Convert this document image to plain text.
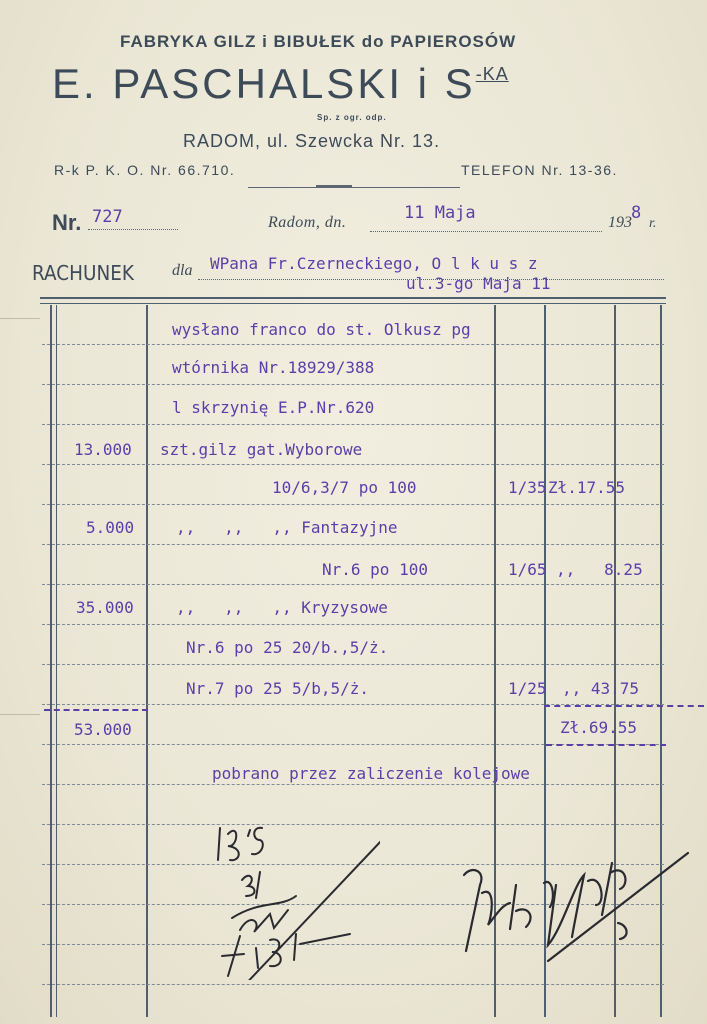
FABRYKA GILZ i BIBUŁEK do PAPIEROSÓW
E. PASCHALSKI i $S^{-KA}$
Sp. z ogr. odp.
RADOM, ul. Szewcka Nr. 13.
R-k P. K. O. Nr. 66.710.	TELEFON Nr. 13-36.
Nr. 727	Radom, dn.	11 Maja	193 8
r.
RACHUNEK dla WPana Fr.Czerneckiego, O l k u s z
ul.3-go Maja 11
wysłano franco do st. Olkusz pg
wtórnika Nr.18929/388
l skrzynię E.P.Nr.620
13.000 szt.gilz gat.Wyborowe
10/6,3/7 po 100	1/35 Zł.17.55
5.000	,,   ,,   ,, Fantazyjne
Nr.6 po 100	1/65 ,,   8.25
35.000	,,   ,,   ,, Kryzysowe
Nr.6 po 25 20/b.,5/ż.
Nr.7 po 25 5/b,5/ż.	1/25 ,, 43.75
53.000	Zł.69.55
pobrano przez zaliczenie kolejowe
